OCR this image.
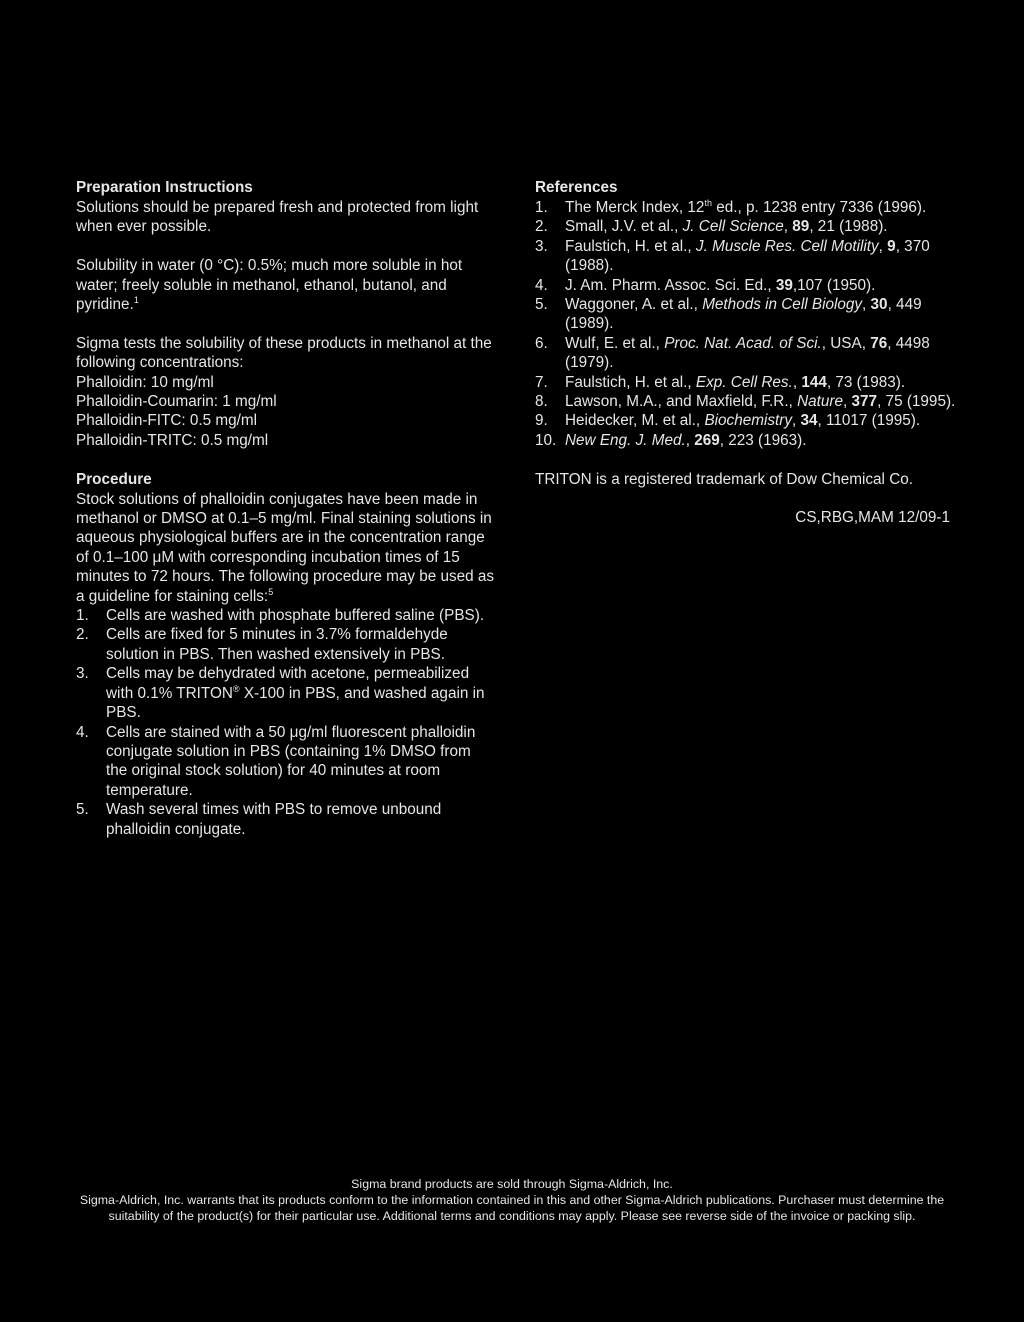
Preparation Instructions

Solutions should be prepared fresh and protected from light when ever possible.

Solubility in water (0 °C): 0.5%; much more soluble in hot water; freely soluble in methanol, ethanol, butanol, and pyridine.$^1$

Sigma tests the solubility of these products in methanol at the following concentrations:

Phalloidin: 10 mg/ml

Phalloidin-Coumarin: 1 mg/ml

Phalloidin-FITC: 0.5 mg/ml

Phalloidin-TRITC: 0.5 mg/ml

Procedure

Stock solutions of phalloidin conjugates have been made in methanol or DMSO at 0.1–5 mg/ml. Final staining solutions in aqueous physiological buffers are in the concentration range of 0.1–100 μM with corresponding incubation times of 15 minutes to 72 hours. The following procedure may be used as a guideline for staining cells:$^5$

1.	Cells are washed with phosphate buffered saline (PBS).
2.	Cells are fixed for 5 minutes in 3.7% formaldehyde solution in PBS. Then washed extensively in PBS.
3.	Cells may be dehydrated with acetone, permeabilized with 0.1% TRITON® X-100 in PBS, and washed again in PBS.
4.	Cells are stained with a 50 μg/ml fluorescent phalloidin conjugate solution in PBS (containing 1% DMSO from the original stock solution) for 40 minutes at room temperature.
5.	Wash several times with PBS to remove unbound phalloidin conjugate.
References
1.	The Merck Index, 12th ed., p. 1238 entry 7336 (1996).
2.	Small, J.V. et al., J. Cell Science, 89, 21 (1988).
3.	Faulstich, H. et al., J. Muscle Res. Cell Motility, 9, 370 (1988).
4.	J. Am. Pharm. Assoc. Sci. Ed., 39,107 (1950).
5.	Waggoner, A. et al., Methods in Cell Biology, 30, 449 (1989).
6.	Wulf, E. et al., Proc. Nat. Acad. of Sci., USA, 76, 4498 (1979).
7.	Faulstich, H. et al., Exp. Cell Res., 144, 73 (1983).
8.	Lawson, M.A., and Maxfield, F.R., Nature, 377, 75 (1995).
9.	Heidecker, M. et al., Biochemistry, 34, 11017 (1995).
10. New Eng. J. Med., 269, 223 (1963).

TRITON is a registered trademark of Dow Chemical Co.

CS,RBG,MAM 12/09-1

Sigma brand products are sold through Sigma-Aldrich, Inc.
Sigma-Aldrich, Inc. warrants that its products conform to the information contained in this and other Sigma-Aldrich publications. Purchaser must determine the suitability of the product(s) for their particular use. Additional terms and conditions may apply. Please see reverse side of the invoice or packing slip.
